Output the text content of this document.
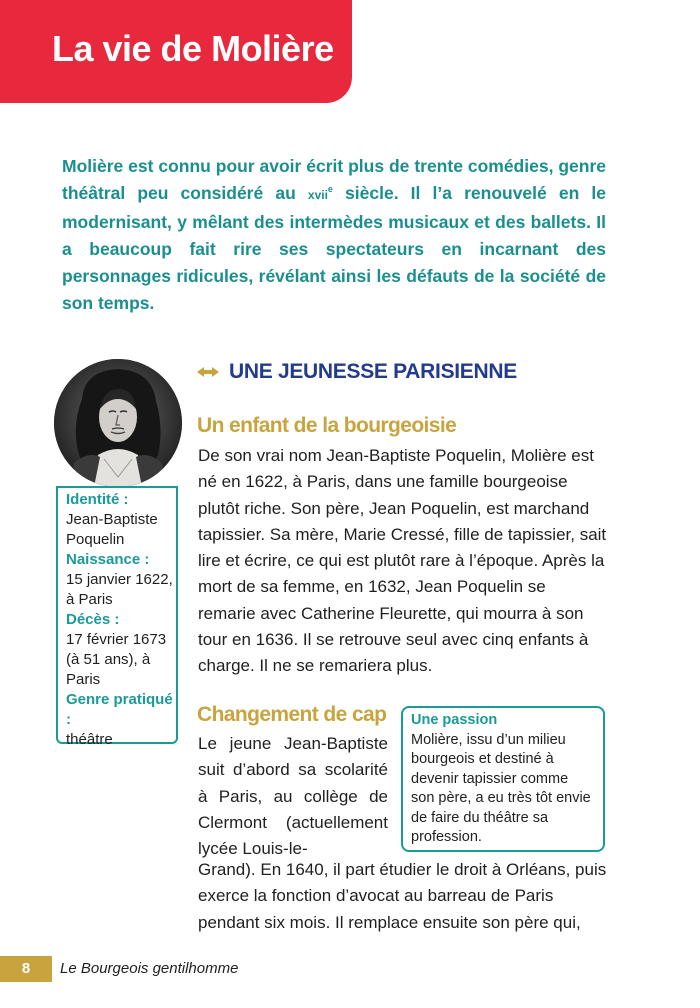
La vie de Molière
Molière est connu pour avoir écrit plus de trente comédies, genre théâtral peu considéré au xvii$^e$ siècle. Il l’a renouvelé en le modernisant, y mêlant des intermèdes musicaux et des ballets. Il a beaucoup fait rire ses spectateurs en incarnant des personnages ridicules, révélant ainsi les défauts de la société de son temps.
UNE JEUNESSE PARISIENNE
Identité :
Jean-Baptiste Poquelin
Naissance :
15 janvier 1622, à Paris
Décès :
17 février 1673 (à 51 ans), à Paris
Genre pratiqué :
théâtre
Un enfant de la bourgeoisie

De son vrai nom Jean-Baptiste Poquelin, Molière est né en 1622, à Paris, dans une famille bourgeoise plutôt riche. Son père, Jean Poquelin, est marchand tapissier. Sa mère, Marie Cressé, fille de tapissier, sait lire et écrire, ce qui est plutôt rare à l’époque. Après la mort de sa femme, en 1632, Jean Poquelin se remarie avec Catherine Fleurette, qui mourra à son tour en 1636. Il se retrouve seul avec cinq enfants à charge. Il ne se remariera plus.

Changement de cap

Le jeune Jean-Baptiste suit d’abord sa scolarité à Paris, au collège de Clermont (actuellement lycée Louis-le-

Grand). En 1640, il part étudier le droit à Orléans, puis exerce la fonction d’avocat au barreau de Paris pendant six mois. Il remplace ensuite son père qui,

Une passion
Molière, issu d’un milieu bourgeois et destiné à devenir tapissier comme son père, a eu très tôt envie de faire du théâtre sa profession.
8	Le Bourgeois gentilhomme
